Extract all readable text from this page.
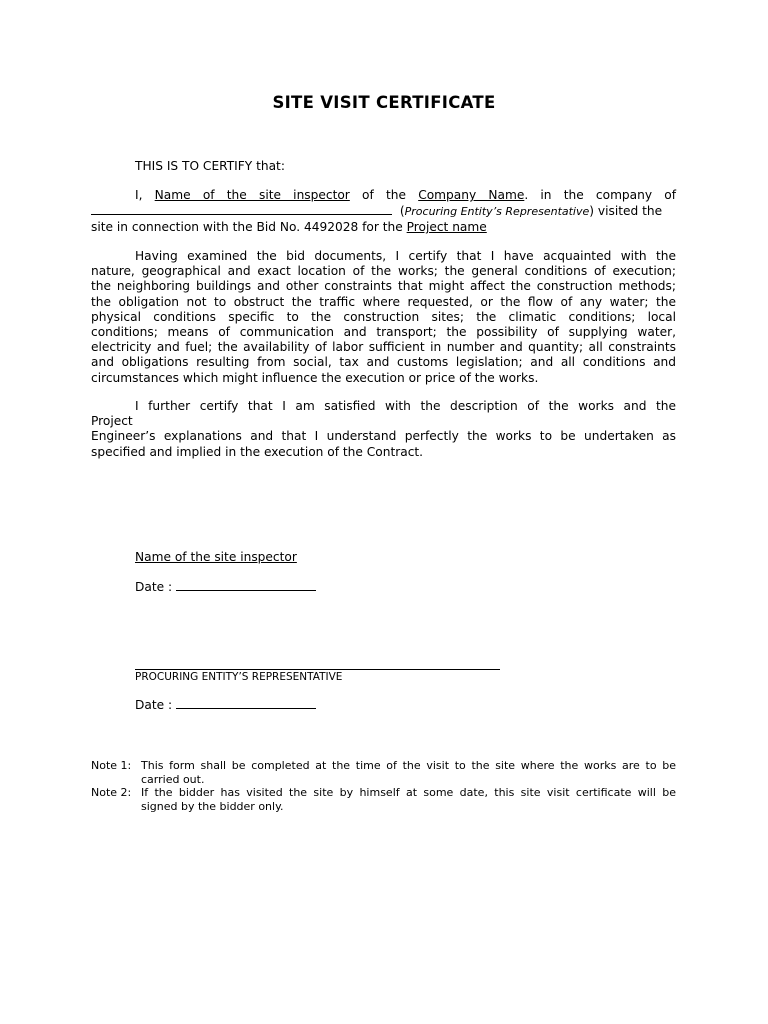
SITE VISIT CERTIFICATE
THIS IS TO CERTIFY that:
I, Name of the site inspector of the Company Name. in the company of
(Procuring Entity’s Representative) visited the
site in connection with the Bid No. 4492028 for the Project name
Having examined the bid documents, I certify that I have acquainted with the
nature, geographical and exact location of the works; the general conditions of execution;
the neighboring buildings and other constraints that might affect the construction methods;
the obligation not to obstruct the traffic where requested, or the flow of any water; the
physical conditions specific to the construction sites; the climatic conditions; local
conditions; means of communication and transport; the possibility of supplying water,
electricity and fuel; the availability of labor sufficient in number and quantity; all constraints
and obligations resulting from social, tax and customs legislation; and all conditions and
circumstances which might influence the execution or price of the works.
I further certify that I am satisfied with the description of the works and the
Project
Engineer’s explanations and that I understand perfectly the works to be undertaken as
specified and implied in the execution of the Contract.
Name of the site inspector
Date :
PROCURING ENTITY’S REPRESENTATIVE
Date :
Note 1: This form shall be completed at the time of the visit to the site where the works are to be
carried out.
Note 2: If the bidder has visited the site by himself at some date, this site visit certificate will be
signed by the bidder only.
